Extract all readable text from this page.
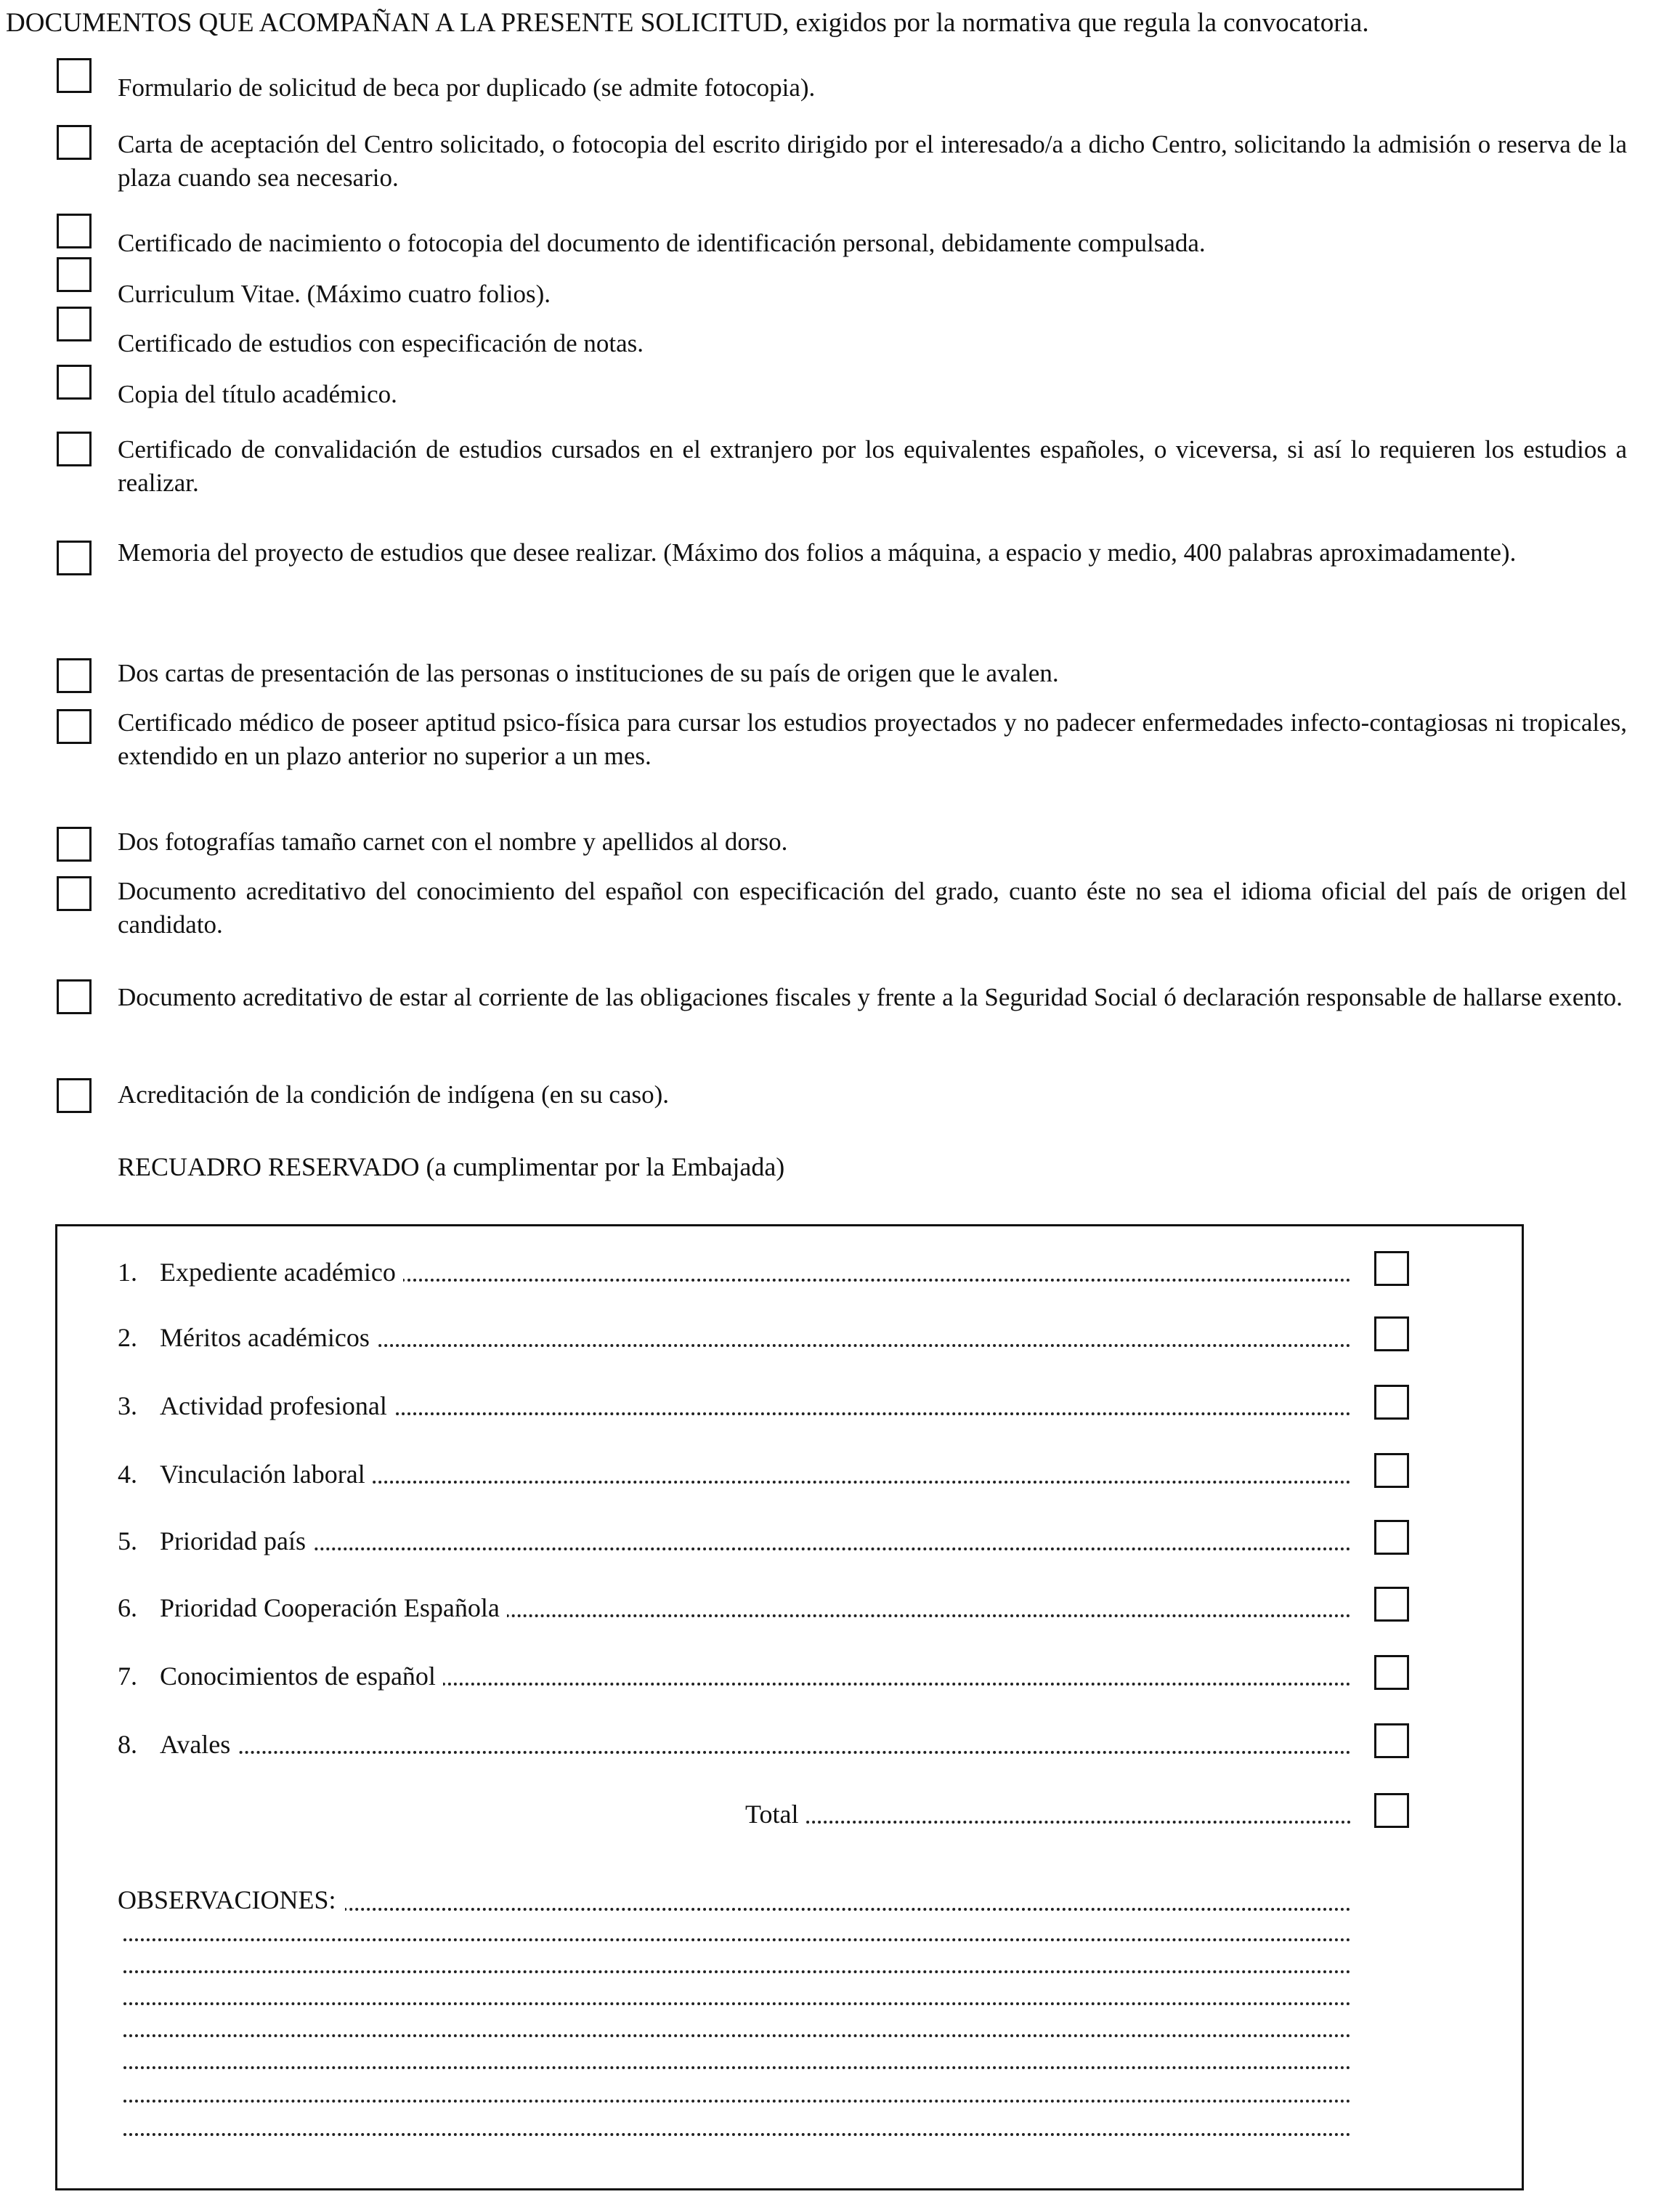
DOCUMENTOS QUE ACOMPAÑAN A LA PRESENTE SOLICITUD, exigidos por la normativa que regula la convocatoria.
Formulario de solicitud de beca por duplicado (se admite fotocopia).
Carta de aceptación del Centro solicitado, o fotocopia del escrito dirigido por el interesado/a a dicho Centro, solicitando la admisión o reserva de la plaza cuando sea necesario.
Certificado de nacimiento o fotocopia del documento de identificación personal, debidamente compulsada.
Curriculum Vitae. (Máximo cuatro folios).
Certificado de estudios con especificación de notas.
Copia del título académico.
Certificado de convalidación de estudios cursados en el extranjero por los equivalentes españoles, o viceversa, si así lo requieren los estudios a realizar.
Memoria del proyecto de estudios que desee realizar. (Máximo dos folios a máquina, a espacio y medio, 400 palabras aproximadamente).
Dos cartas de presentación de las personas o instituciones de su país de origen que le avalen.
Certificado médico de poseer aptitud psico-física para cursar los estudios proyectados y no padecer enfermedades infecto-contagiosas ni tropicales, extendido en un plazo anterior no superior a un mes.
Dos fotografías tamaño carnet con el nombre y apellidos al dorso.
Documento acreditativo del conocimiento del español con especificación del grado, cuanto éste no sea el idioma oficial del país de origen del candidato.
Documento acreditativo de estar al corriente de las obligaciones fiscales y frente a la Seguridad Social ó declaración responsable de hallarse exento.
Acreditación de la condición de indígena (en su caso).
RECUADRO RESERVADO (a cumplimentar por la Embajada)
1. Expediente académico
2. Méritos académicos
3. Actividad profesional
4. Vinculación laboral
5. Prioridad país
6. Prioridad Cooperación Española
7. Conocimientos de español
8. Avales
Total
OBSERVACIONES:
